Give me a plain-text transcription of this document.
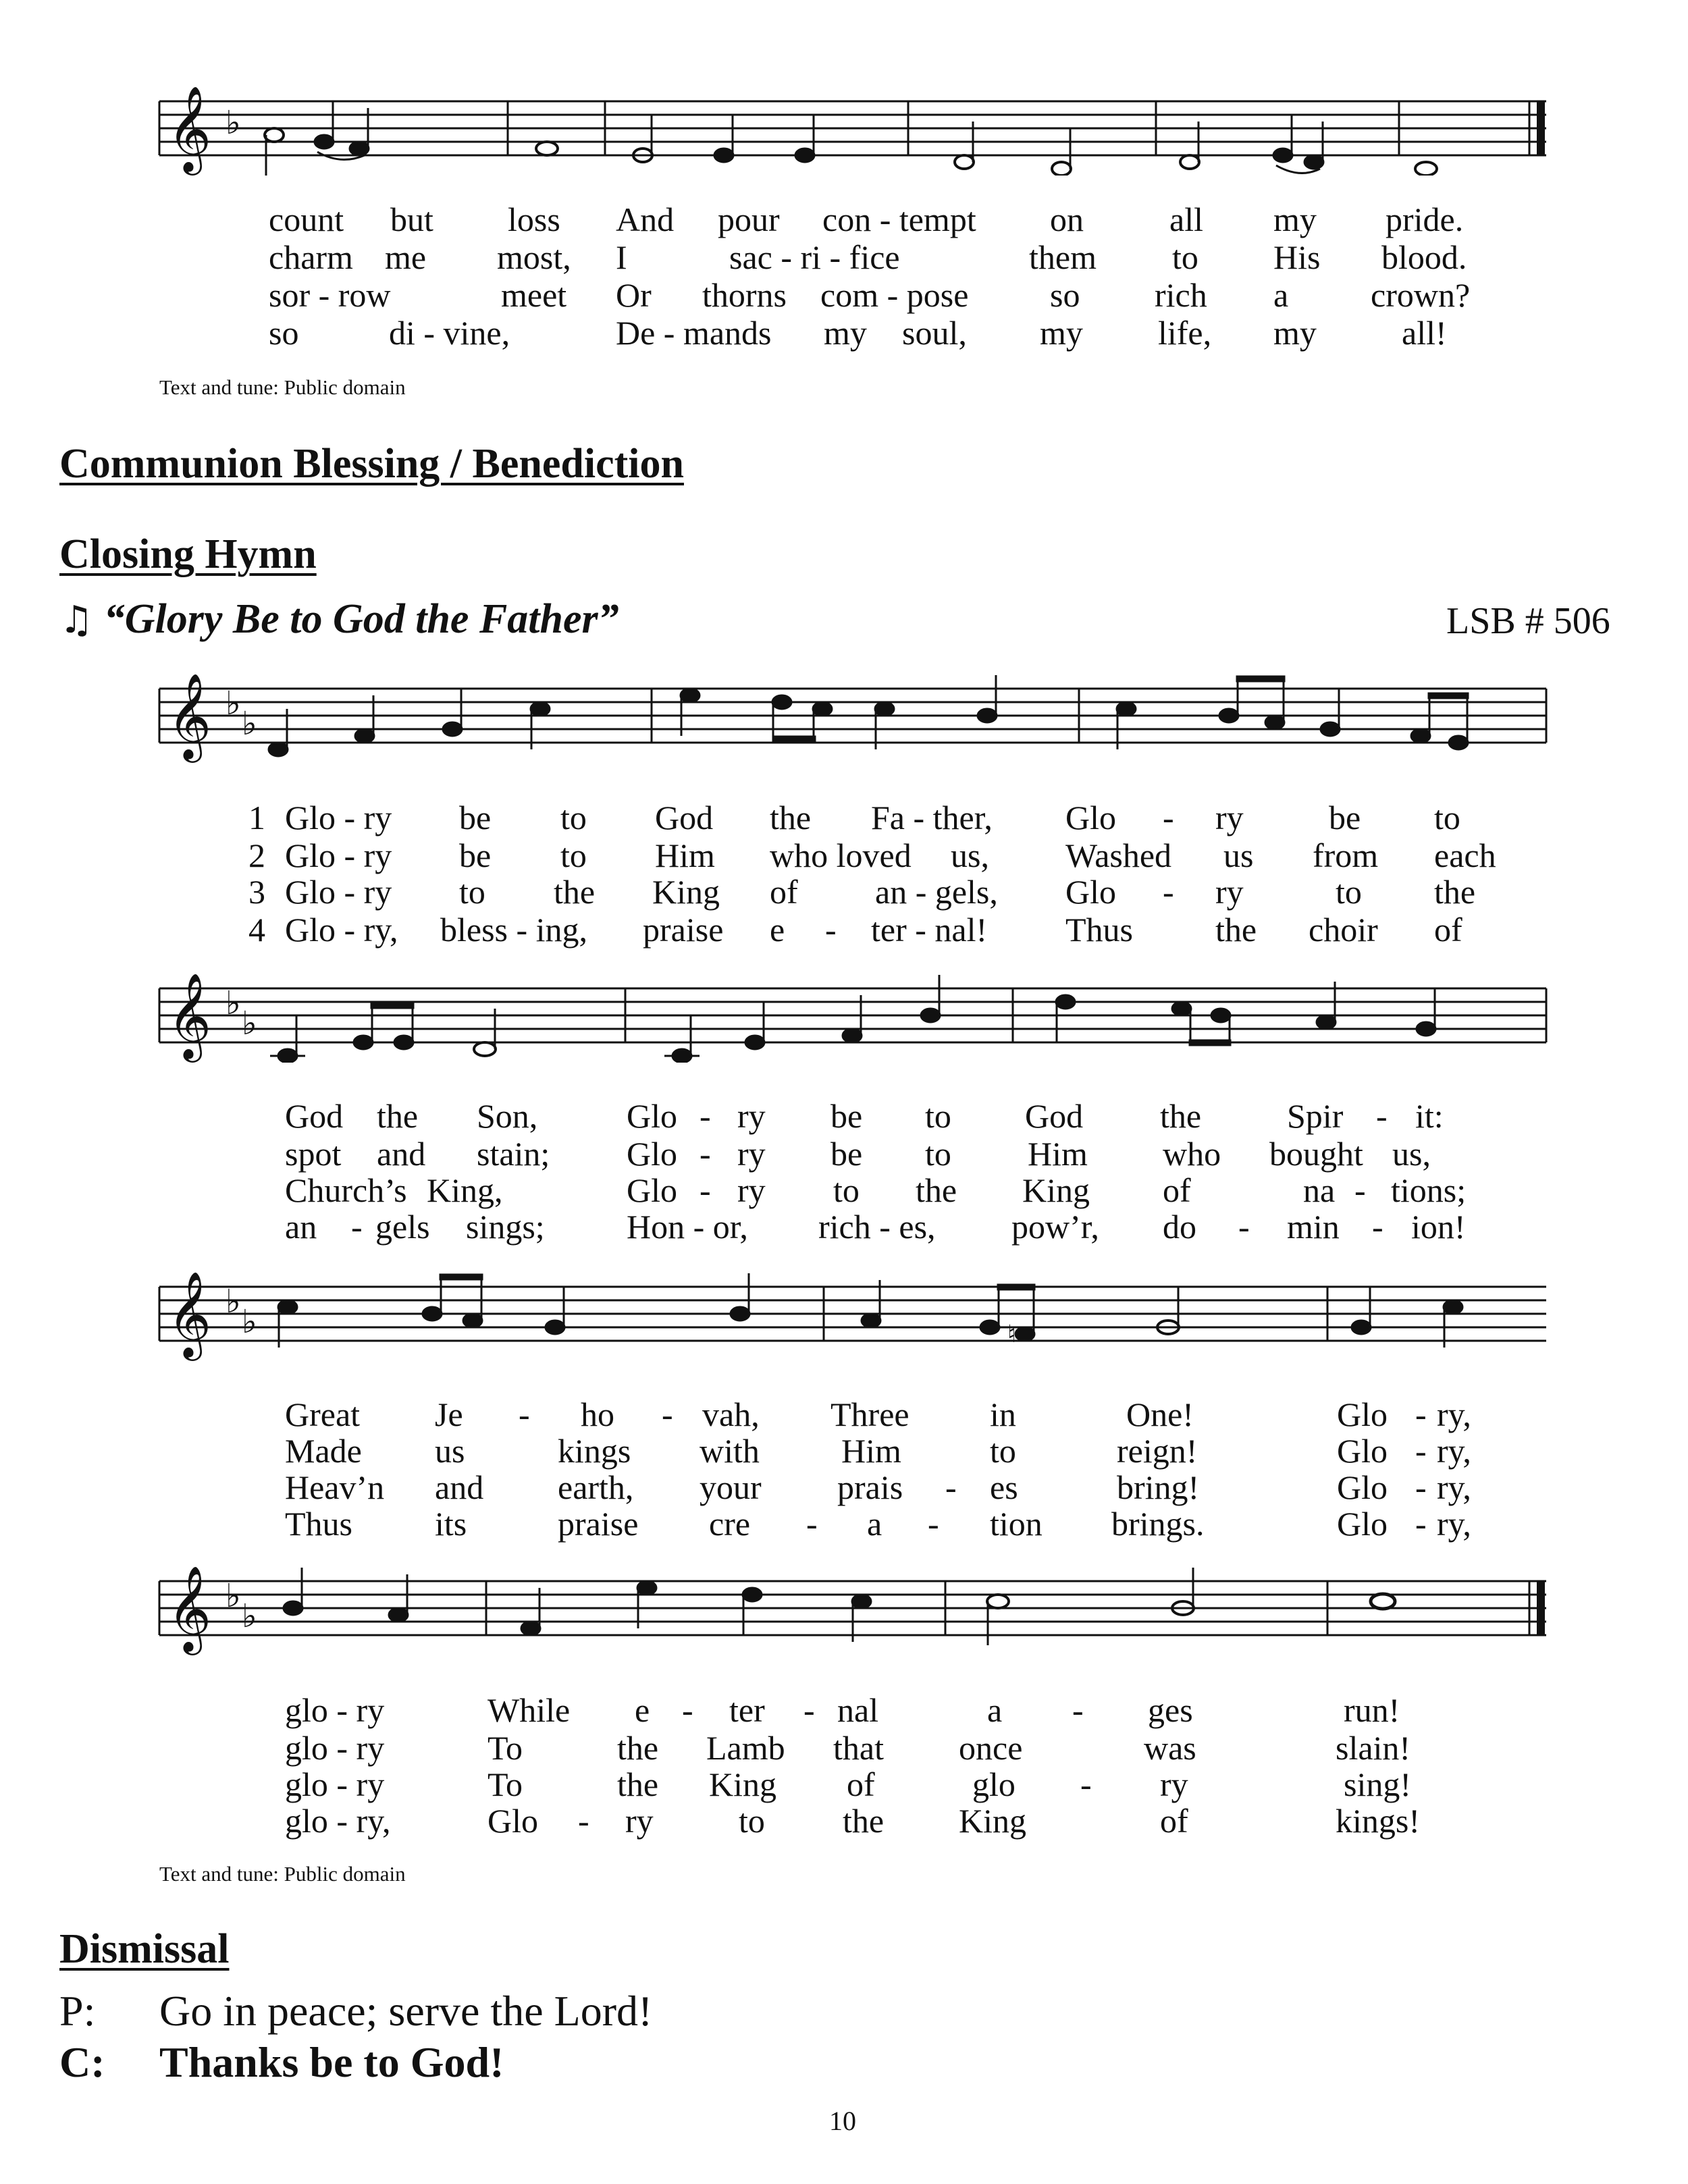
𝄞 ♭
count but loss And pour con - tempt on	all my pride.
charm me most, I	sac - ri - fice	them to His blood.
sor - row	meet Or thorns com - pose so rich a crown?
so	di - vine,	De - mands my soul, my life, my	all!
Text and tune: Public domain
Communion Blessing / Benediction
Closing Hymn
♫ “Glory Be to God the Father”	LSB # 506
𝄞 ♭
♭
1 Glo - ry be to God the Fa - ther, Glo - ry	be to
2 Glo - ry be to Him who loved us, Washed us from each
3 Glo - ry to the King of an - gels, Glo - ry	to the
4 Glo - ry, bless - ing, praise e - ter - nal! Thus the choir of
𝄞 ♭
♭
God the Son,	Glo - ry be to God the	Spir - it:
spot and stain; Glo - ry be to Him who bought us,
Church’s King,	Glo - ry to the King of	na - tions;
an - gels sings; Hon - or, rich - es, pow’r, do - min - ion!
𝄞 ♭
♭	♮
Great Je - ho - vah, Three in	One!	Glo - ry,
Made us	kings with Him	to	reign!	Glo - ry,
Heav’n and earth, your prais - es	bring!	Glo - ry,
Thus its	praise cre - a - tion brings.	Glo - ry,
𝄞 ♭
♭
glo - ry	While e - ter - nal	a - ges	run!
glo - ry	To	the Lamb that once	was	slain!
glo - ry	To	the King of	glo - ry	sing!
glo - ry,	Glo - ry	to the King	of	kings!
Text and tune: Public domain
Dismissal
P: Go in peace; serve the Lord!
C: Thanks be to God!
10
